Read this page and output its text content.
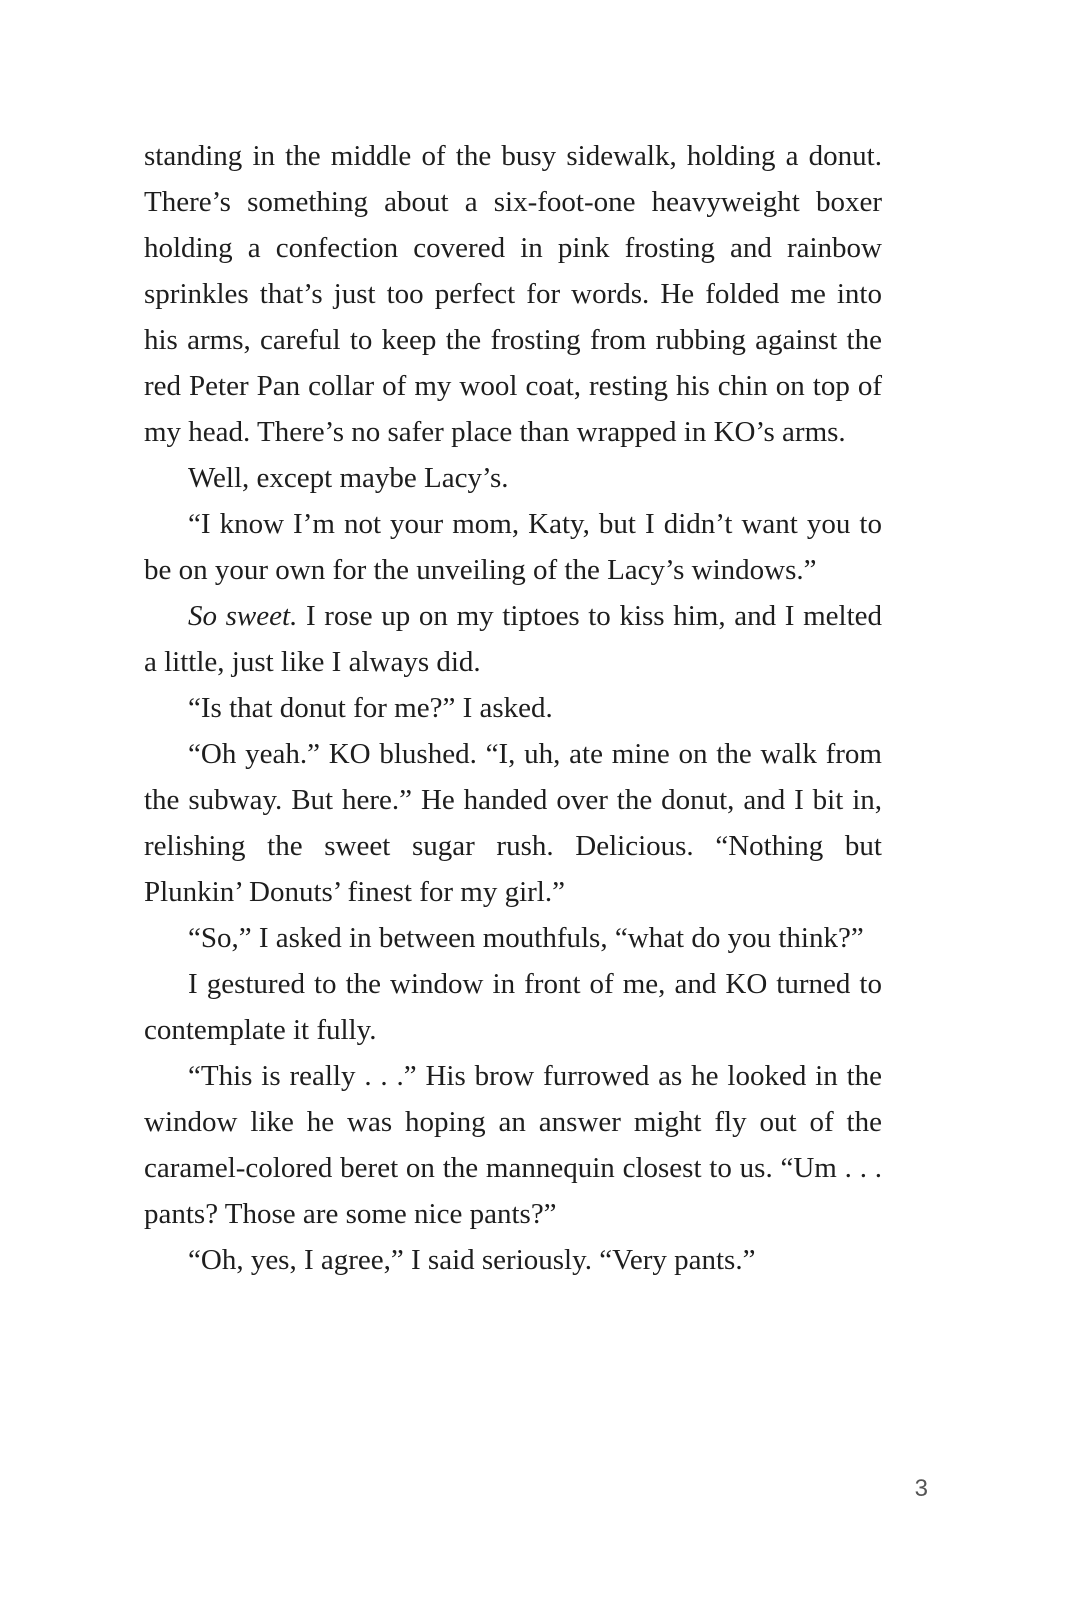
standing in the middle of the busy sidewalk, holding a donut. There’s something about a six-foot-one heavyweight boxer holding a confection covered in pink frosting and rainbow sprinkles that’s just too perfect for words. He folded me into his arms, careful to keep the frosting from rubbing against the red Peter Pan collar of my wool coat, resting his chin on top of my head. There’s no safer place than wrapped in KO’s arms.

Well, except maybe Lacy’s.

“I know I’m not your mom, Katy, but I didn’t want you to be on your own for the unveiling of the Lacy’s windows.”

So sweet. I rose up on my tiptoes to kiss him, and I melted a little, just like I always did.

“Is that donut for me?” I asked.

“Oh yeah.” KO blushed. “I, uh, ate mine on the walk from the subway. But here.” He handed over the donut, and I bit in, relishing the sweet sugar rush. Delicious. “Nothing but Plunkin’ Donuts’ finest for my girl.”

“So,” I asked in between mouthfuls, “what do you think?”

I gestured to the window in front of me, and KO turned to contemplate it fully.

“This is really . . .” His brow furrowed as he looked in the window like he was hoping an answer might fly out of the caramel-colored beret on the mannequin closest to us. “Um . . . pants? Those are some nice pants?”

“Oh, yes, I agree,” I said seriously. “Very pants.”

3
